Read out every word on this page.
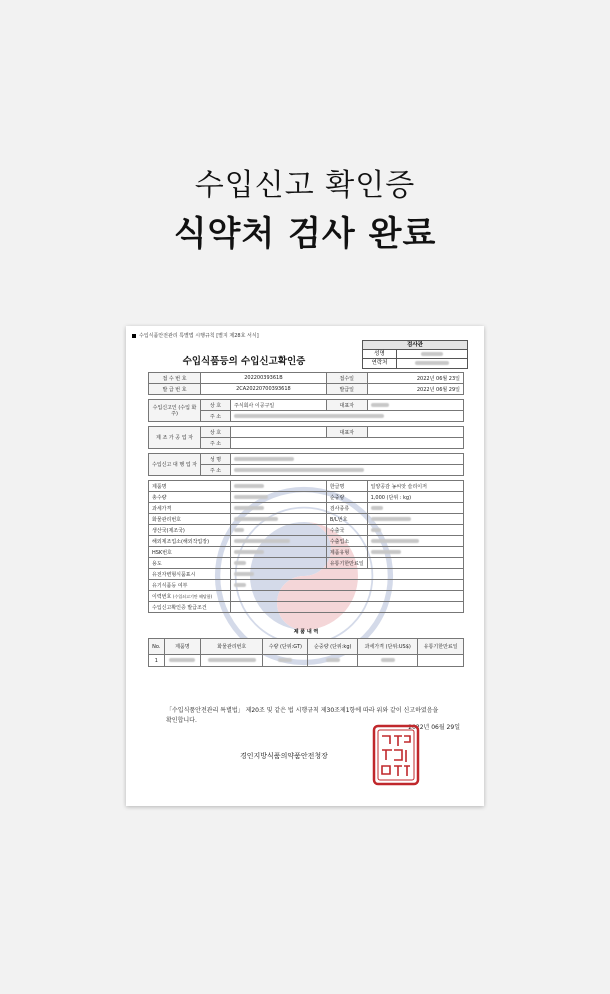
수입신고 확인증
식약처 검사 완료
수입식품안전관리 특별법 시행규칙 [별지 제28호 서식]
검사관
성명
연락처
수입식품등의 수입신고확인증
접 수 번 호	20220039361B		접수일	2022년 06월 23일
발 급 번 호	2CA20220700393618		발급일	2022년 06월 29일

수입신고인 (수입 화주)	상 호	주식회사 이공구일	대표자	
	주 소			

제 조 가 공 업 자	상 호		대표자	
	주 소			

수입신고 대 행 업 자	성 명			
	주 소			

제품명			한글명	일양공감 농씨앗 슬리이저
총수량			순중량	1,000 (단위 : kg)
과세가격			검사종류	
화물관리번호			B/L번호	
생산국(제조국)			수출국	
해외제조업소(해외작업장)			수출업소	
HSK번호			제품유형	
용도			유통기한만료일	
유전자변형식품표시				
유기식품등 여부				
이력번호 (수입쇠고기만 해당함)				
수입신고확인증 발급조건				
제 품 내 역
No.	제품명	화물관리번호	수량 (단위:GT)	순중량 (단위:kg)	과세가격 (단위:US$)	유통기한만료일
1						
「수입식품안전관리 특별법」 제20조 및 같은 법 시행규칙 제30조제1항에 따라 위와 같이 신고하였음을 확인합니다.
2022년 06월 29일
경인지방식품의약품안전청장
